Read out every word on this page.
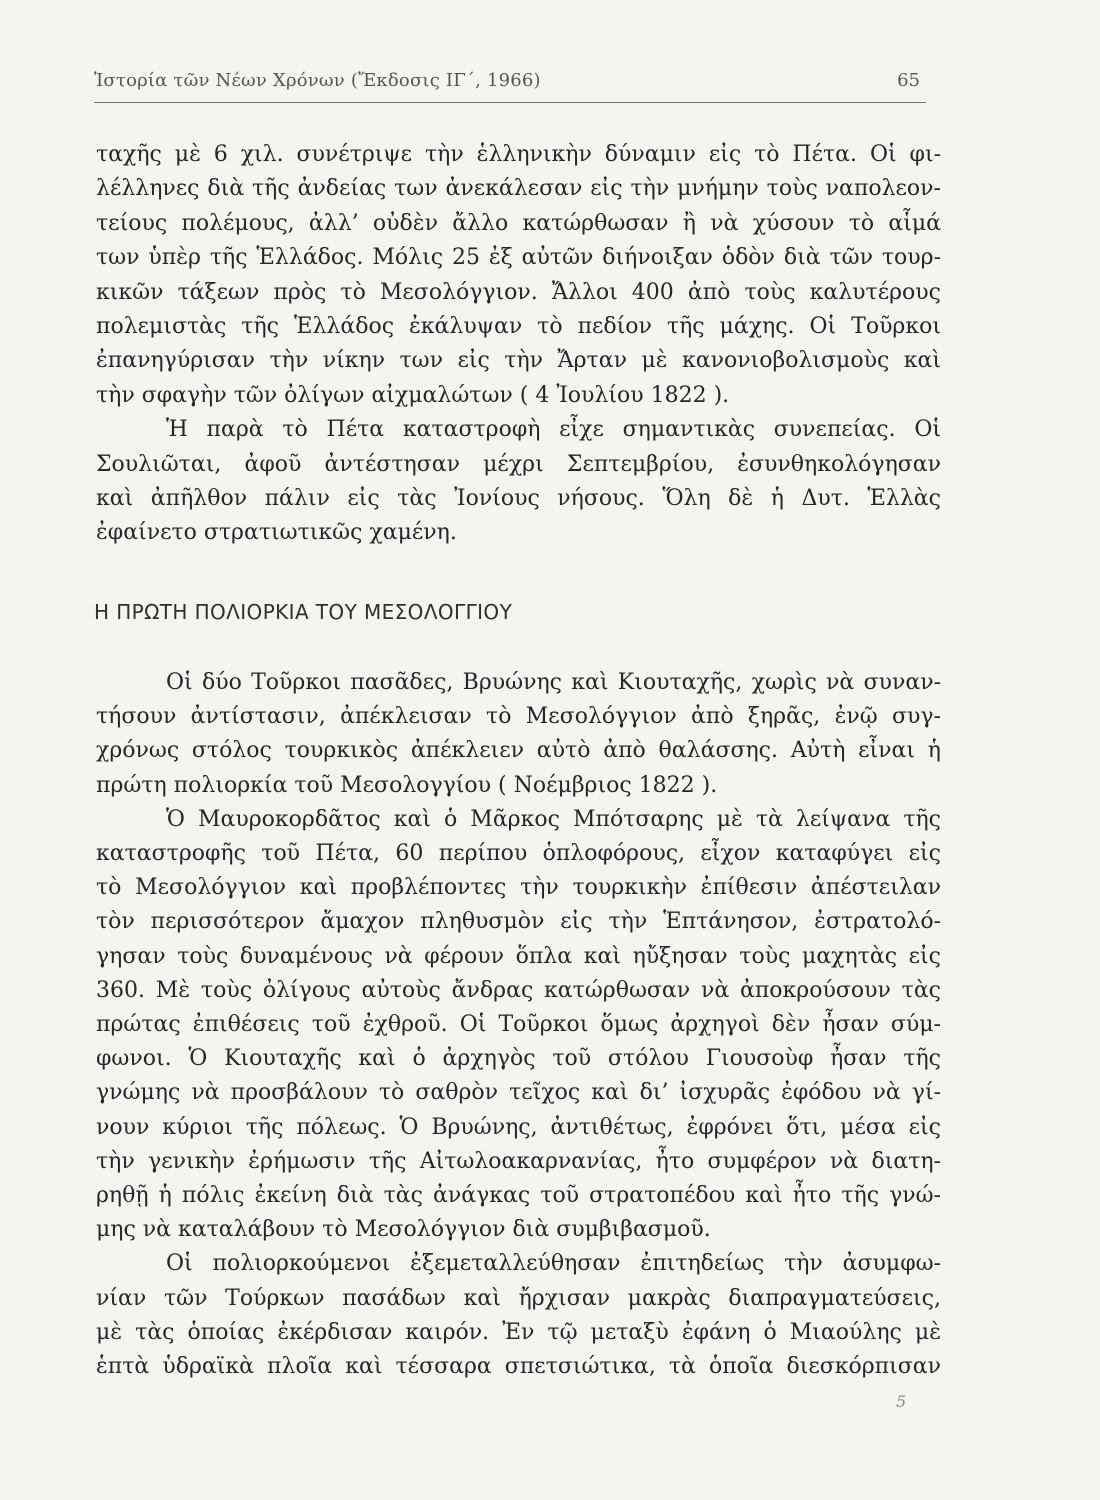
Ἱστορία τῶν Νέων Χρόνων (Ἔκδοσις ΙΓ΄, 1966)	65

ταχῆς μὲ 6 χιλ. συνέτριψε τὴν ἑλληνικὴν δύναμιν εἰς τὸ Πέτα. Οἱ φι-
λέλληνες διὰ τῆς ἀνδείας των ἀνεκάλεσαν εἰς τὴν μνήμην τοὺς ναπολεον-
τείους πολέμους, ἀλλ’ οὐδὲν ἄλλο κατώρθωσαν ἢ νὰ χύσουν τὸ αἷμά
των ὑπὲρ τῆς Ἑλλάδος. Μόλις 25 ἐξ αὐτῶν διήνοιξαν ὁδὸν διὰ τῶν τουρ-
κικῶν τάξεων πρὸς τὸ Μεσολόγγιον. Ἄλλοι 400 ἀπὸ τοὺς καλυτέρους
πολεμιστὰς τῆς Ἑλλάδος ἐκάλυψαν τὸ πεδίον τῆς μάχης. Οἱ Τοῦρκοι
ἐπανηγύρισαν τὴν νίκην των εἰς τὴν Ἄρταν μὲ κανονιοβολισμοὺς καὶ
τὴν σφαγὴν τῶν ὀλίγων αἰχμαλώτων ( 4 Ἰουλίου 1822 ).

Ἡ παρὰ τὸ Πέτα καταστροφὴ εἶχε σημαντικὰς συνεπείας. Οἱ
Σουλιῶται, ἀφοῦ ἀντέστησαν μέχρι Σεπτεμβρίου, ἐσυνθηκολόγησαν
καὶ ἀπῆλθον πάλιν εἰς τὰς Ἰονίους νήσους. Ὅλη δὲ ἡ Δυτ. Ἑλλὰς
ἐφαίνετο στρατιωτικῶς χαμένη.

Η ΠΡΩΤΗ ΠΟΛΙΟΡΚΙΑ ΤΟΥ ΜΕΣΟΛΟΓΓΙΟΥ
Οἱ δύο Τοῦρκοι πασᾶδες, Βρυώνης καὶ Κιουταχῆς, χωρὶς νὰ συναν-
τήσουν ἀντίστασιν, ἀπέκλεισαν τὸ Μεσολόγγιον ἀπὸ ξηρᾶς, ἐνῷ συγ-
χρόνως στόλος τουρκικὸς ἀπέκλειεν αὐτὸ ἀπὸ θαλάσσης. Αὐτὴ εἶναι ἡ
πρώτη πολιορκία τοῦ Μεσολογγίου ( Νοέμβριος 1822 ).
Ὁ Μαυροκορδᾶτος καὶ ὁ Μᾶρκος Μπότσαρης μὲ τὰ λείψανα τῆς
καταστροφῆς τοῦ Πέτα, 60 περίπου ὁπλοφόρους, εἶχον καταφύγει εἰς
τὸ Μεσολόγγιον καὶ προβλέποντες τὴν τουρκικὴν ἐπίθεσιν ἀπέστειλαν
τὸν περισσότερον ἄμαχον πληθυσμὸν εἰς τὴν Ἑπτάνησον, ἐστρατολό-
γησαν τοὺς δυναμένους νὰ φέρουν ὅπλα καὶ ηὔξησαν τοὺς μαχητὰς εἰς
360. Μὲ τοὺς ὀλίγους αὐτοὺς ἄνδρας κατώρθωσαν νὰ ἀποκρούσουν τὰς
πρώτας ἐπιθέσεις τοῦ ἐχθροῦ. Οἱ Τοῦρκοι ὅμως ἀρχηγοὶ δὲν ἦσαν σύμ-
φωνοι. Ὁ Κιουταχῆς καὶ ὁ ἀρχηγὸς τοῦ στόλου Γιουσοὺφ ἦσαν τῆς
γνώμης νὰ προσβάλουν τὸ σαθρὸν τεῖχος καὶ δι’ ἰσχυρᾶς ἐφόδου νὰ γί-
νουν κύριοι τῆς πόλεως. Ὁ Βρυώνης, ἀντιθέτως, ἐφρόνει ὅτι, μέσα εἰς
τὴν γενικὴν ἐρήμωσιν τῆς Αἰτωλοακαρνανίας, ἦτο συμφέρον νὰ διατη-
ρηθῇ ἡ πόλις ἐκείνη διὰ τὰς ἀνάγκας τοῦ στρατοπέδου καὶ ἦτο τῆς γνώ-
μης νὰ καταλάβουν τὸ Μεσολόγγιον διὰ συμβιβασμοῦ.
Οἱ πολιορκούμενοι ἐξεμεταλλεύθησαν ἐπιτηδείως τὴν ἀσυμφω-
νίαν τῶν Τούρκων πασάδων καὶ ἤρχισαν μακρὰς διαπραγματεύσεις,
μὲ τὰς ὁποίας ἐκέρδισαν καιρόν. Ἐν τῷ μεταξὺ ἐφάνη ὁ Μιαούλης μὲ
ἑπτὰ ὑδραϊκὰ πλοῖα καὶ τέσσαρα σπετσιώτικα, τὰ ὁποῖα διεσκόρπισαν
5
